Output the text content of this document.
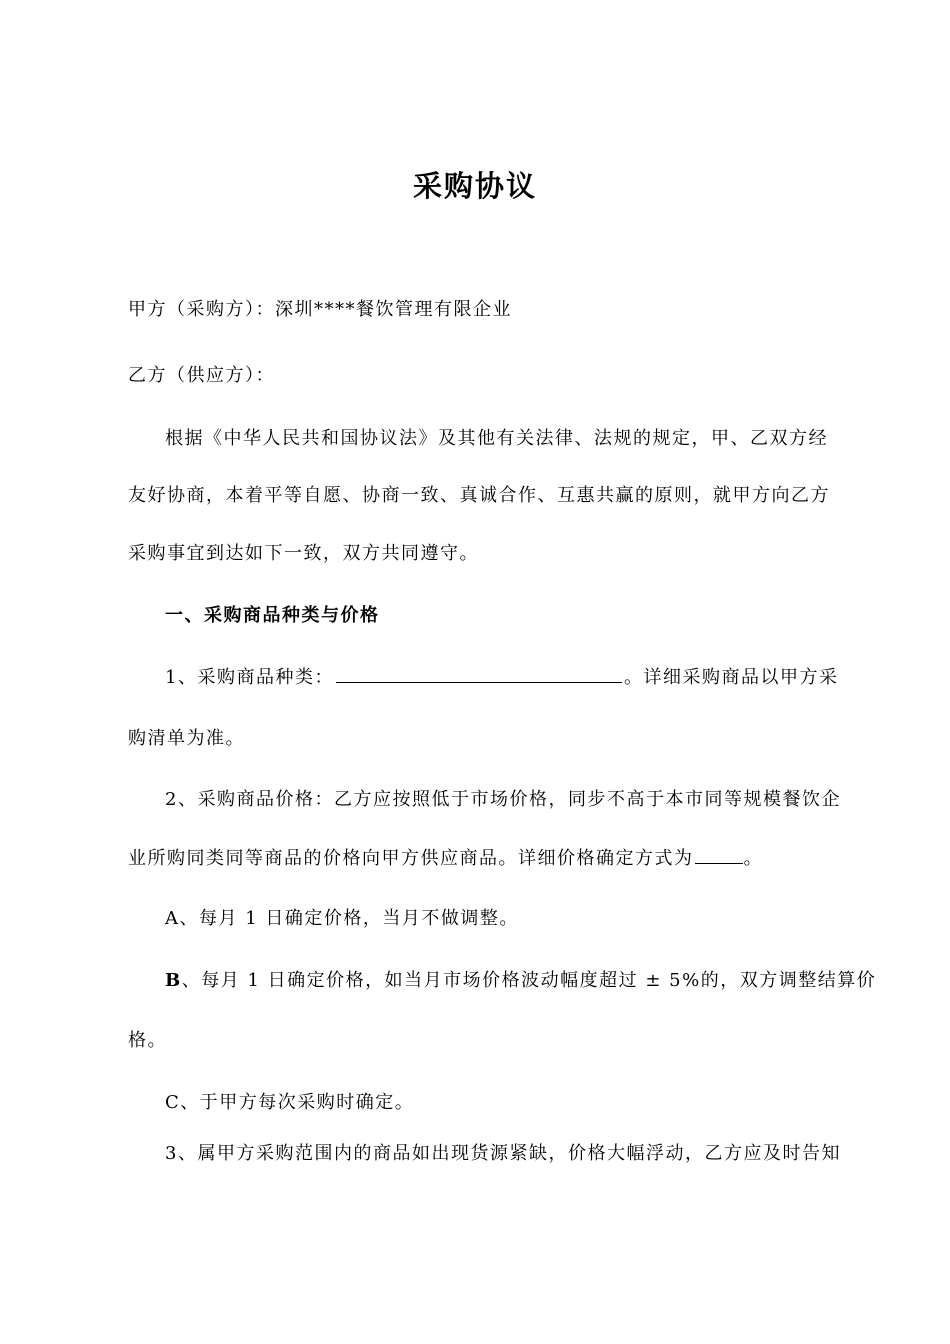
采购协议
甲方（采购方）：深圳****餐饮管理有限企业
乙方（供应方）：
根据《中华人民共和国协议法》及其他有关法律、法规的规定，甲、乙双方经
友好协商，本着平等自愿、协商一致、真诚合作、互惠共赢的原则，就甲方向乙方
采购事宜到达如下一致，双方共同遵守。
一、采购商品种类与价格
1、采购商品种类：	。详细采购商品以甲方采
购清单为准。
2、采购商品价格：乙方应按照低于市场价格，同步不高于本市同等规模餐饮企
业所购同类同等商品的价格向甲方供应商品。详细价格确定方式为	。
A、每月 1 日确定价格，当月不做调整。
B、每月 1 日确定价格，如当月市场价格波动幅度超过 ± 5%的，双方调整结算价
格。
C、于甲方每次采购时确定。
3、属甲方采购范围内的商品如出现货源紧缺，价格大幅浮动，乙方应及时告知
